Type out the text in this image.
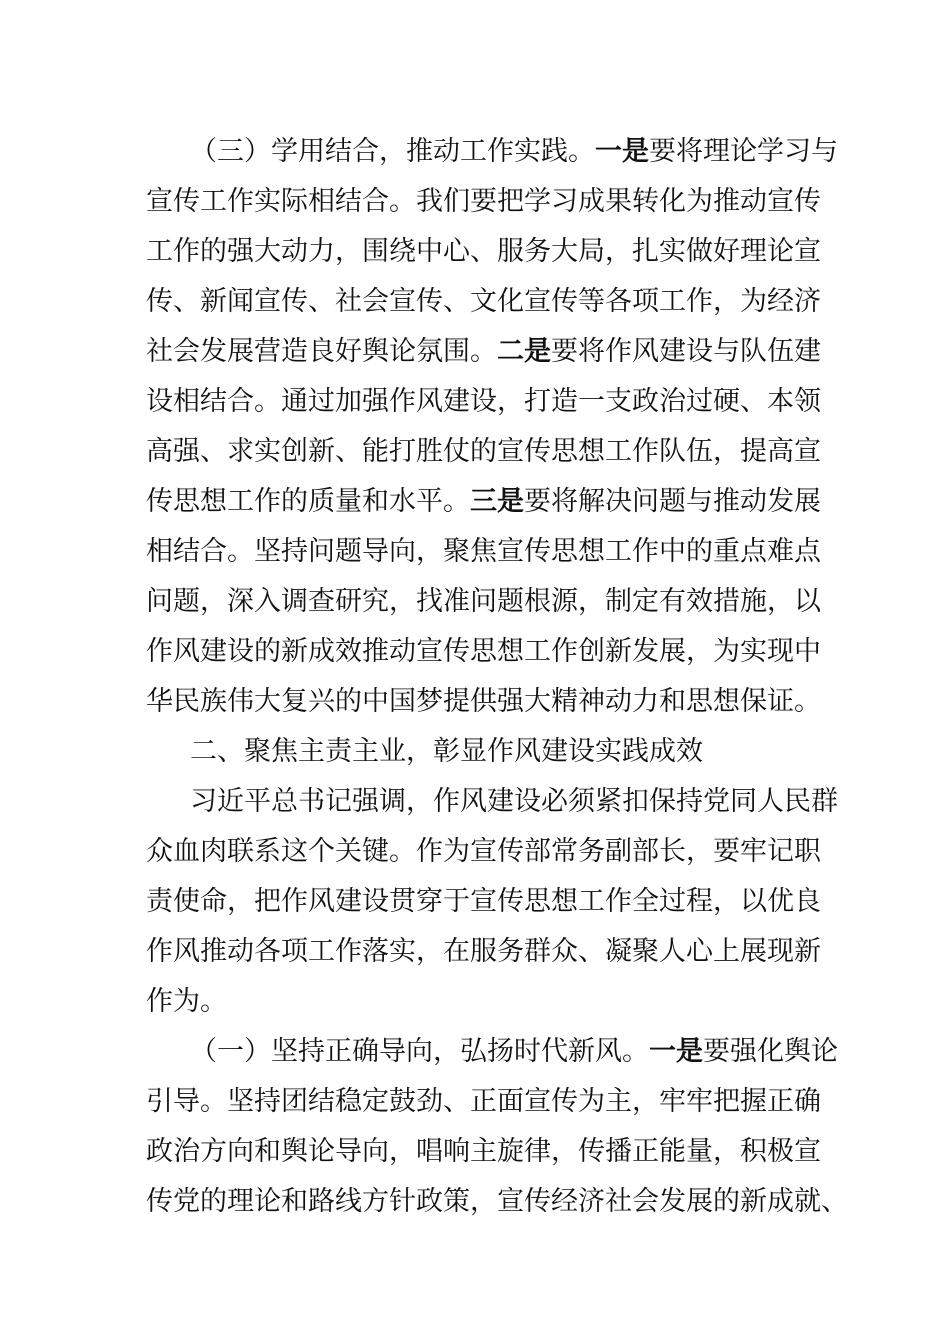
（三）学用结合，推动工作实践。一是要将理论学习与
宣传工作实际相结合。我们要把学习成果转化为推动宣传
工作的强大动力，围绕中心、服务大局，扎实做好理论宣
传、新闻宣传、社会宣传、文化宣传等各项工作，为经济
社会发展营造良好舆论氛围。二是要将作风建设与队伍建
设相结合。通过加强作风建设，打造一支政治过硬、本领
高强、求实创新、能打胜仗的宣传思想工作队伍，提高宣
传思想工作的质量和水平。三是要将解决问题与推动发展
相结合。坚持问题导向，聚焦宣传思想工作中的重点难点
问题，深入调查研究，找准问题根源，制定有效措施，以
作风建设的新成效推动宣传思想工作创新发展，为实现中
华民族伟大复兴的中国梦提供强大精神动力和思想保证。
二、聚焦主责主业，彰显作风建设实践成效
习近平总书记强调，作风建设必须紧扣保持党同人民群
众血肉联系这个关键。作为宣传部常务副部长，要牢记职
责使命，把作风建设贯穿于宣传思想工作全过程，以优良
作风推动各项工作落实，在服务群众、凝聚人心上展现新
作为。
（一）坚持正确导向，弘扬时代新风。一是要强化舆论
引导。坚持团结稳定鼓劲、正面宣传为主，牢牢把握正确
政治方向和舆论导向，唱响主旋律，传播正能量，积极宣
传党的理论和路线方针政策，宣传经济社会发展的新成就、
